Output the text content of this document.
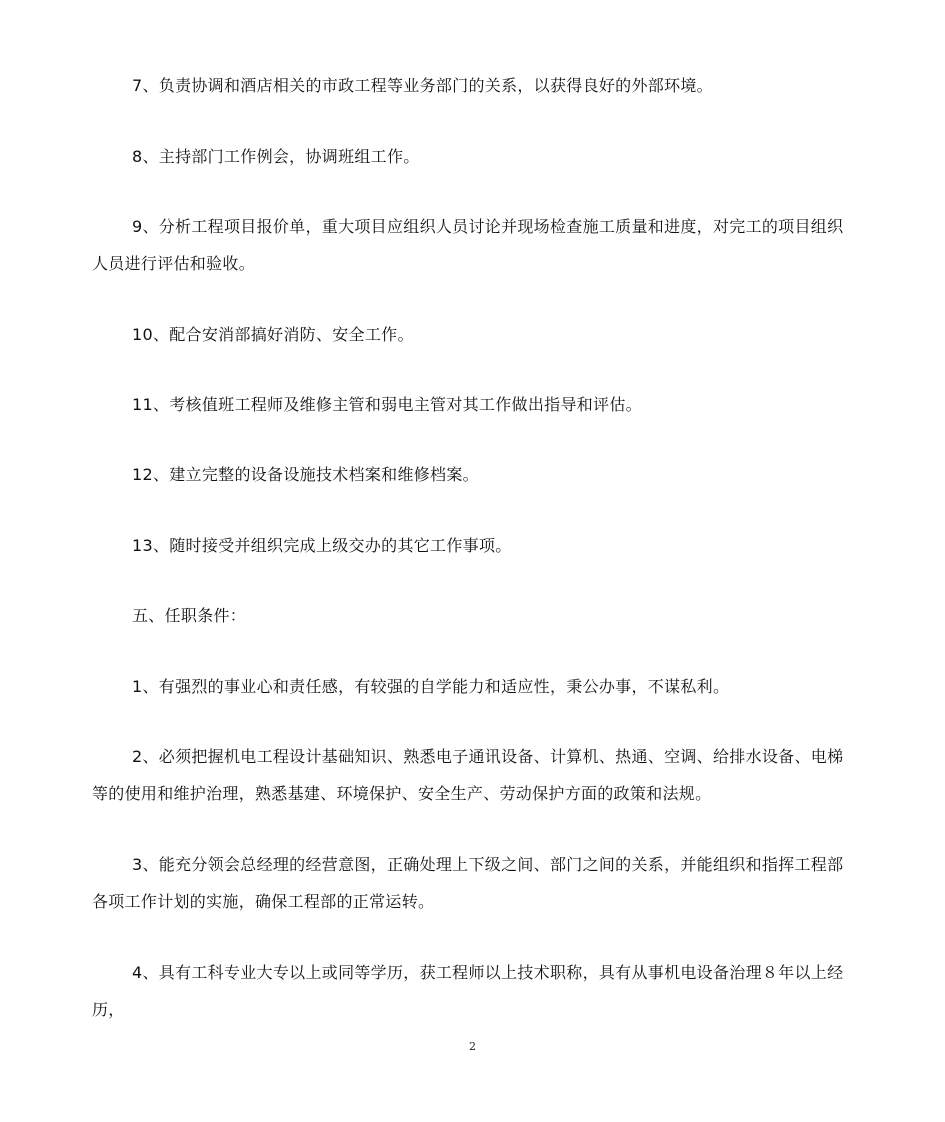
7、负责协调和酒店相关的市政工程等业务部门的关系，以获得良好的外部环境。

8、主持部门工作例会，协调班组工作。

9、分析工程项目报价单，重大项目应组织人员讨论并现场检查施工质量和进度，对完工的项目组织人员进行评估和验收。

10、配合安消部搞好消防、安全工作。

11、考核值班工程师及维修主管和弱电主管对其工作做出指导和评估。

12、建立完整的设备设施技术档案和维修档案。

13、随时接受并组织完成上级交办的其它工作事项。

五、任职条件：

1、有强烈的事业心和责任感，有较强的自学能力和适应性，秉公办事，不谋私利。

2、必须把握机电工程设计基础知识、熟悉电子通讯设备、计算机、热通、空调、给排水设备、电梯等的使用和维护治理，熟悉基建、环境保护、安全生产、劳动保护方面的政策和法规。

3、能充分领会总经理的经营意图，正确处理上下级之间、部门之间的关系，并能组织和指挥工程部各项工作计划的实施，确保工程部的正常运转。

4、具有工科专业大专以上或同等学历，获工程师以上技术职称，具有从事机电设备治理８年以上经历，

2
